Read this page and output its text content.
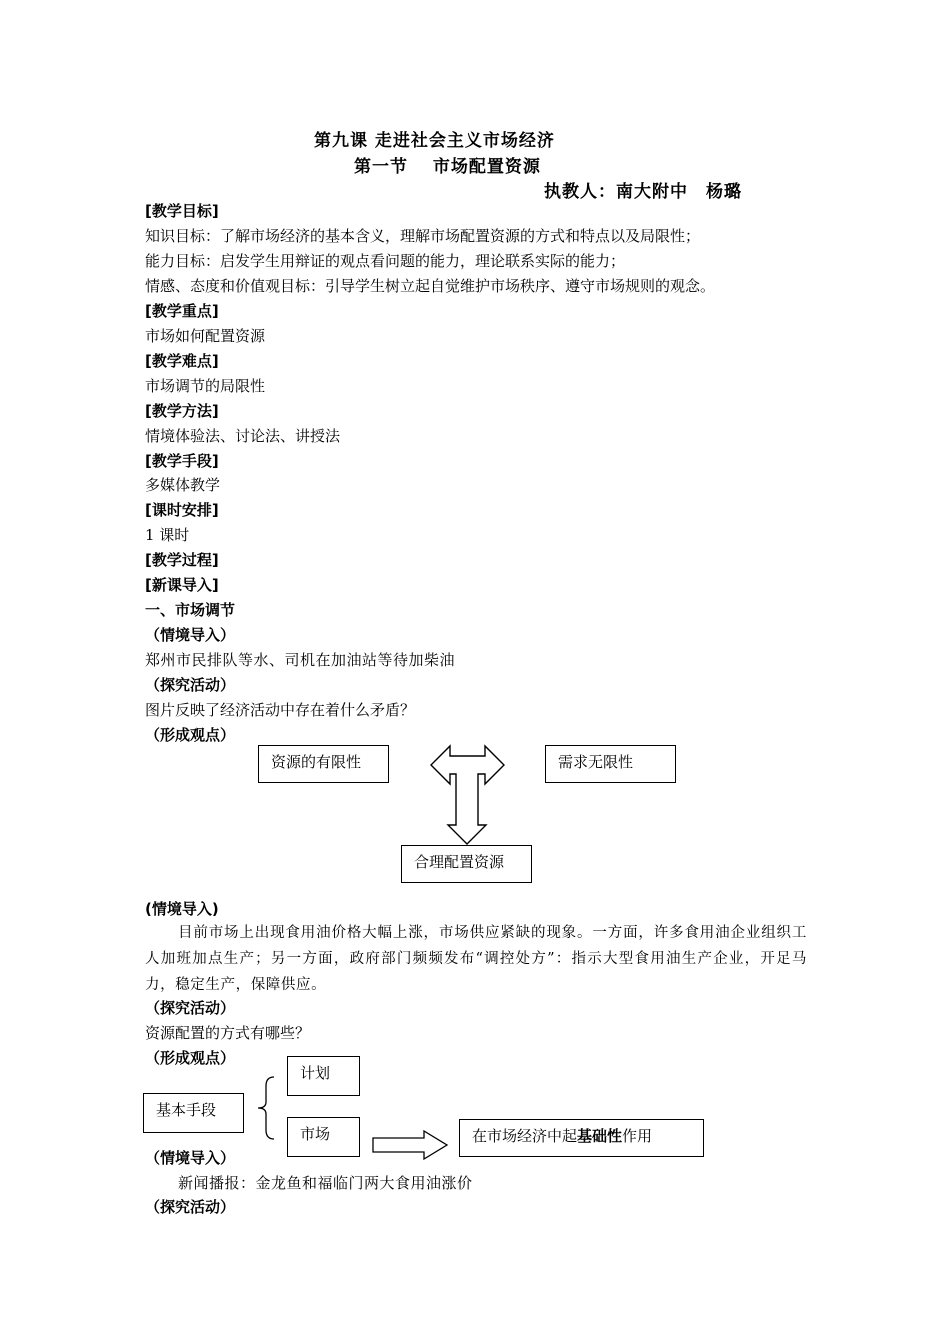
第九课 走进社会主义市场经济
第一节　 市场配置资源
执教人：南大附中　杨璐
[教学目标]
知识目标：了解市场经济的基本含义，理解市场配置资源的方式和特点以及局限性；
能力目标：启发学生用辩证的观点看问题的能力，理论联系实际的能力；
情感、态度和价值观目标：引导学生树立起自觉维护市场秩序、遵守市场规则的观念。
[教学重点]
市场如何配置资源
[教学难点]
市场调节的局限性
[教学方法]
情境体验法、讨论法、讲授法
[教学手段]
多媒体教学
[课时安排]
1 课时
[教学过程]
[新课导入]
一、市场调节
（情境导入）
郑州市民排队等水、司机在加油站等待加柴油
（探究活动）
图片反映了经济活动中存在着什么矛盾？
（形成观点）
资源的有限性	需求无限性
合理配置资源
(情境导入)
目前市场上出现食用油价格大幅上涨，市场供应紧缺的现象。一方面，许多食用油企业组织工人加班加点生产；另一方面，政府部门频频发布“调控处方”：指示大型食用油生产企业，开足马力，稳定生产，保障供应。
（探究活动）
资源配置的方式有哪些？
（形成观点）
基本手段
计划
市场	在市场经济中起基础性作用
（情境导入）
新闻播报：金龙鱼和福临门两大食用油涨价
（探究活动）
